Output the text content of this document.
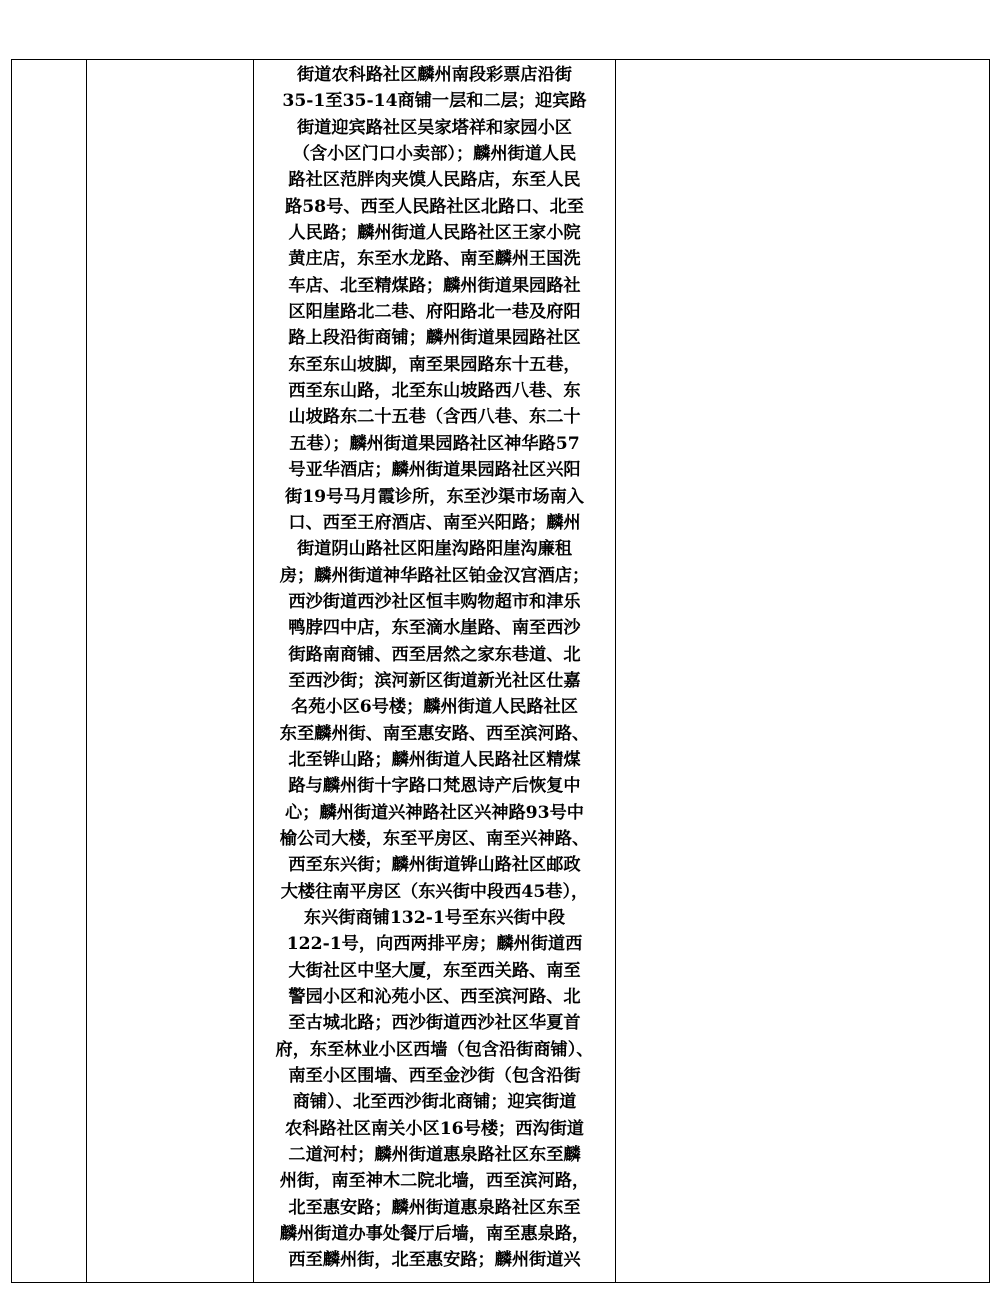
街道农科路社区麟州南段彩票店沿街
35-1至35-14商铺一层和二层；迎宾路
街道迎宾路社区吴家塔祥和家园小区
（含小区门口小卖部）；麟州街道人民
路社区范胖肉夹馍人民路店，东至人民
路58号、西至人民路社区北路口、北至
人民路；麟州街道人民路社区王家小院
黄庄店，东至水龙路、南至麟州王国洗
车店、北至精煤路；麟州街道果园路社
区阳崖路北二巷、府阳路北一巷及府阳
路上段沿街商铺；麟州街道果园路社区
东至东山坡脚，南至果园路东十五巷，
西至东山路，北至东山坡路西八巷、东
山坡路东二十五巷（含西八巷、东二十
五巷）；麟州街道果园路社区神华路57
号亚华酒店；麟州街道果园路社区兴阳
街19号马月霞诊所，东至沙渠市场南入
口、西至王府酒店、南至兴阳路；麟州
街道阴山路社区阳崖沟路阳崖沟廉租
房；麟州街道神华路社区铂金汉宫酒店；
西沙街道西沙社区恒丰购物超市和津乐
鸭脖四中店，东至滴水崖路、南至西沙
街路南商铺、西至居然之家东巷道、北
至西沙街；滨河新区街道新光社区仕嘉
名苑小区6号楼；麟州街道人民路社区
东至麟州街、南至惠安路、西至滨河路、
北至铧山路；麟州街道人民路社区精煤
路与麟州街十字路口梵恩诗产后恢复中
心；麟州街道兴神路社区兴神路93号中
榆公司大楼，东至平房区、南至兴神路、
西至东兴街；麟州街道铧山路社区邮政
大楼往南平房区（东兴街中段西45巷），
东兴街商铺132-1号至东兴街中段
122-1号，向西两排平房；麟州街道西
大街社区中坚大厦，东至西关路、南至
警园小区和沁苑小区、西至滨河路、北
至古城北路；西沙街道西沙社区华夏首
府，东至林业小区西墙（包含沿街商铺）、
南至小区围墙、西至金沙街（包含沿街
商铺）、北至西沙街北商铺；迎宾街道
农科路社区南关小区16号楼；西沟街道
二道河村；麟州街道惠泉路社区东至麟
州街，南至神木二院北墙，西至滨河路，
北至惠安路；麟州街道惠泉路社区东至
麟州街道办事处餐厅后墙，南至惠泉路，
西至麟州街，北至惠安路；麟州街道兴
